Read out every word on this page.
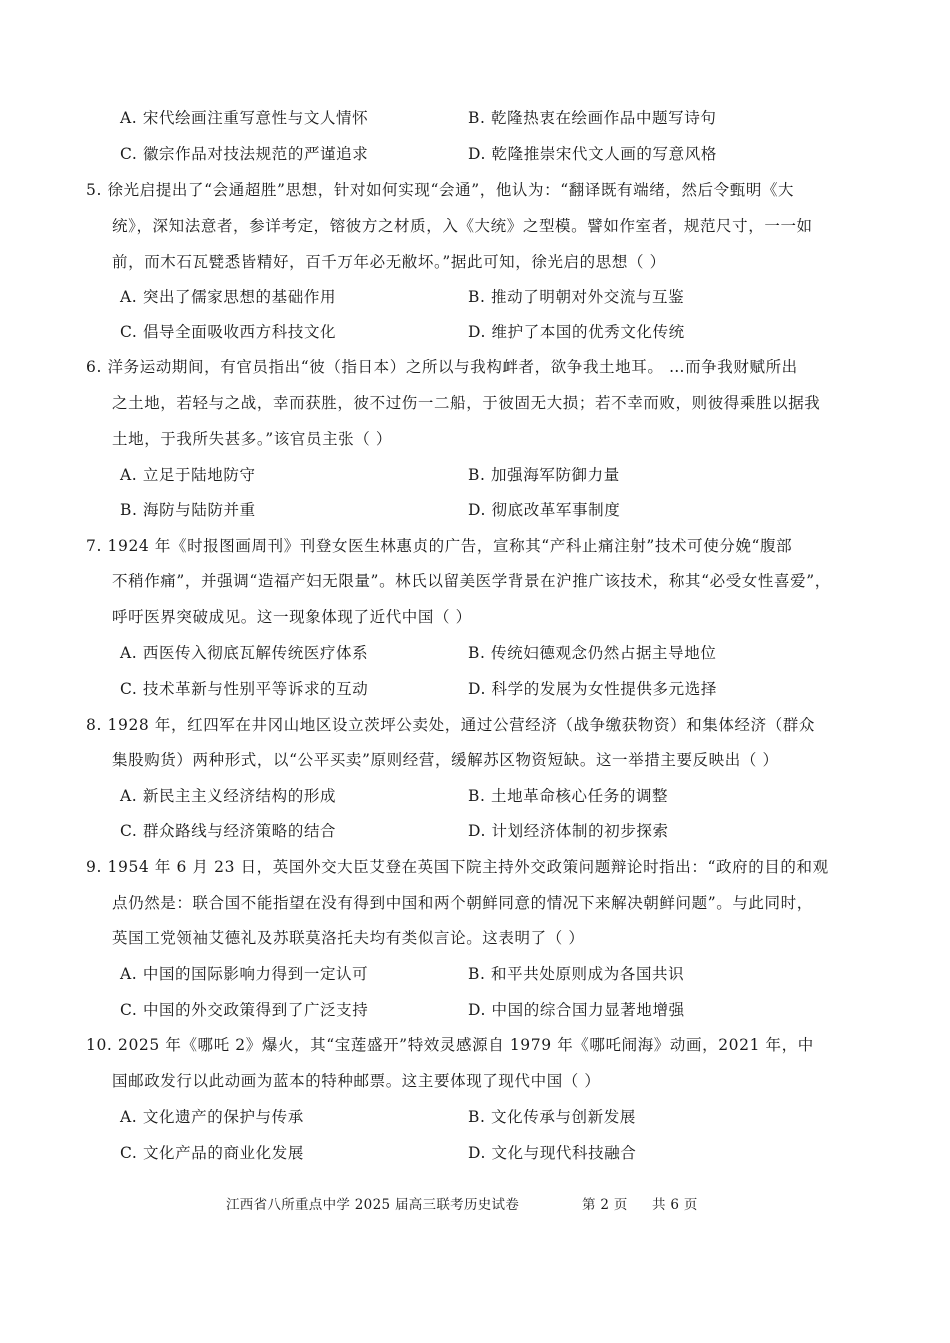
A. 宋代绘画注重写意性与文人情怀	B. 乾隆热衷在绘画作品中题写诗句
C. 徽宗作品对技法规范的严谨追求	D. 乾隆推崇宋代文人画的写意风格
5. 徐光启提出了“会通超胜”思想，针对如何实现“会通”，他认为：“翻译既有端绪，然后令甄明《大
统》，深知法意者，参详考定，镕彼方之材质，入《大统》之型模。譬如作室者，规范尺寸，一一如
前，而木石瓦甓悉皆精好，百千万年必无敝坏。”据此可知，徐光启的思想（ ）
A. 突出了儒家思想的基础作用	B. 推动了明朝对外交流与互鉴
C. 倡导全面吸收西方科技文化	D. 维护了本国的优秀文化传统
6. 洋务运动期间，有官员指出“彼（指日本）之所以与我构衅者，欲争我土地耳。 …而争我财赋所出
之土地，若轻与之战，幸而获胜，彼不过伤一二船，于彼固无大损；若不幸而败，则彼得乘胜以据我
土地，于我所失甚多。”该官员主张（ ）
A. 立足于陆地防守	B. 加强海军防御力量
B. 海防与陆防并重	D. 彻底改革军事制度
7. 1924 年《时报图画周刊》刊登女医生林惠贞的广告，宣称其“产科止痛注射”技术可使分娩“腹部
不稍作痛”，并强调“造福产妇无限量”。林氏以留美医学背景在沪推广该技术，称其“必受女性喜爱”，
呼吁医界突破成见。这一现象体现了近代中国（ ）
A. 西医传入彻底瓦解传统医疗体系	B. 传统妇德观念仍然占据主导地位
C. 技术革新与性别平等诉求的互动	D. 科学的发展为女性提供多元选择
8. 1928 年，红四军在井冈山地区设立茨坪公卖处，通过公营经济（战争缴获物资）和集体经济（群众
集股购货）两种形式，以“公平买卖”原则经营，缓解苏区物资短缺。这一举措主要反映出（ ）
A. 新民主主义经济结构的形成	B. 土地革命核心任务的调整
C. 群众路线与经济策略的结合	D. 计划经济体制的初步探索
9. 1954 年 6 月 23 日，英国外交大臣艾登在英国下院主持外交政策问题辩论时指出：“政府的目的和观
点仍然是：联合国不能指望在没有得到中国和两个朝鲜同意的情况下来解决朝鲜问题”。与此同时，
英国工党领袖艾德礼及苏联莫洛托夫均有类似言论。这表明了（ ）
A. 中国的国际影响力得到一定认可	B. 和平共处原则成为各国共识
C. 中国的外交政策得到了广泛支持	D. 中国的综合国力显著地增强
10. 2025 年《哪吒 2》爆火，其“宝莲盛开”特效灵感源自 1979 年《哪吒闹海》动画，2021 年，中
国邮政发行以此动画为蓝本的特种邮票。这主要体现了现代中国（ ）
A. 文化遗产的保护与传承	B. 文化传承与创新发展
C. 文化产品的商业化发展	D. 文化与现代科技融合
江西省八所重点中学 2025 届高三联考历史试卷	第 2 页 共 6 页
